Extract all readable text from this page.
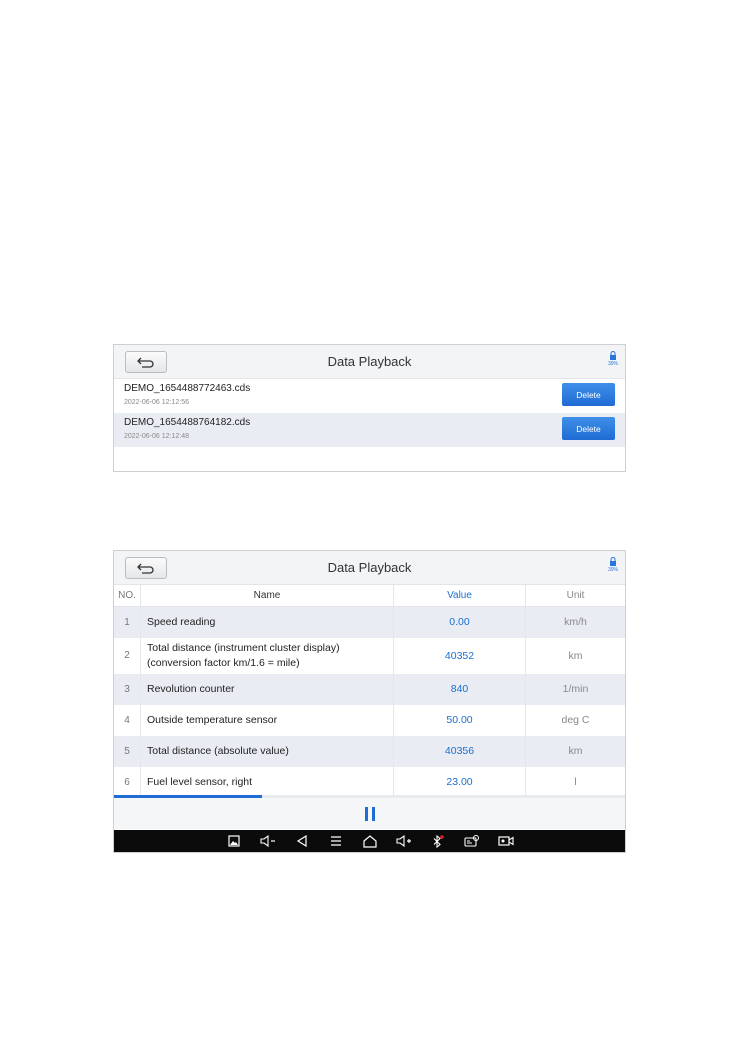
Data Playback	39%
DEMO_1654488772463.cds
2022-06-06 12:12:56
Delete
DEMO_1654488764182.cds
2022-06-06 12:12:48
Delete
Data Playback	39%
NO.	Name	Value	Unit
1	Speed reading	0.00	km/h
2	Total distance (instrument cluster display) (conversion factor km/1.6 = mile)	40352	km
3	Revolution counter	840	1/min
4	Outside temperature sensor	50.00	deg C
5	Total distance (absolute value)	40356	km
6	Fuel level sensor, right	23.00	l
